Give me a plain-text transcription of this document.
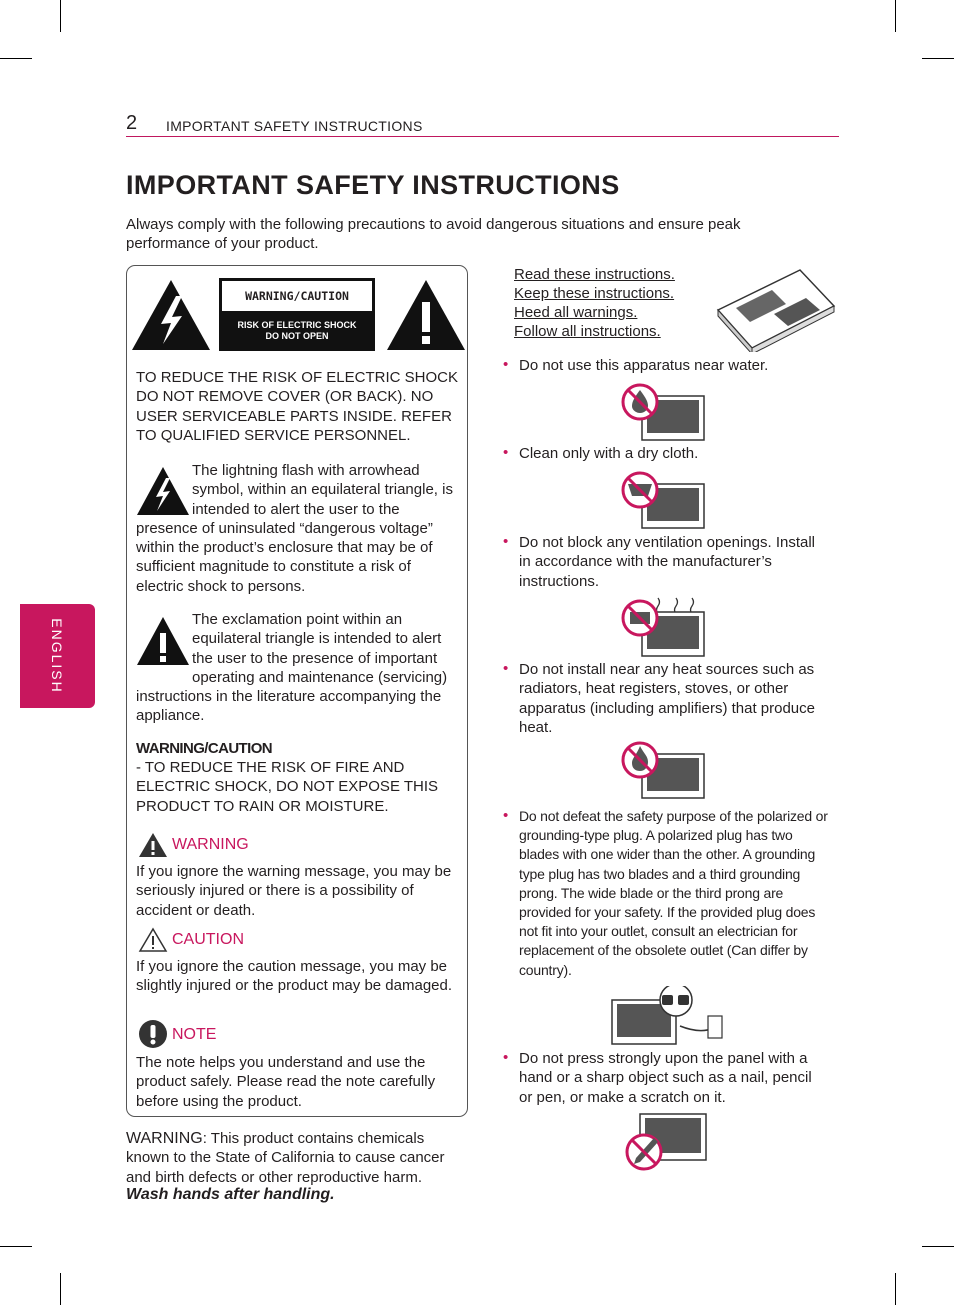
2 IMPORTANT SAFETY INSTRUCTIONS
IMPORTANT SAFETY INSTRUCTIONS
Always comply with the following precautions to avoid dangerous situations and ensure peak performance of your product.
ENGLISH
WARNING/CAUTION
RISK OF ELECTRIC SHOCK
DO NOT OPEN
TO REDUCE THE RISK OF ELECTRIC SHOCK DO NOT REMOVE COVER (OR BACK). NO USER SERVICEABLE PARTS INSIDE. REFER TO QUALIFIED SERVICE PERSONNEL.
The lightning flash with arrowhead symbol, within an equilateral triangle, is intended to alert the user to the presence of uninsulated “dangerous voltage” within the product’s enclosure that may be of sufficient magnitude to constitute a risk of electric shock to persons.
The exclamation point within an equilateral triangle is intended to alert the user to the presence of important operating and maintenance (servicing) instructions in the literature accompanying the appliance.
WARNING/CAUTION
- TO REDUCE THE RISK OF FIRE AND ELECTRIC SHOCK, DO NOT EXPOSE THIS PRODUCT TO RAIN OR MOISTURE.
WARNING
If you ignore the warning message, you may be seriously injured or there is a possibility of accident or death.
CAUTION
If you ignore the caution message, you may be slightly injured or the product may be damaged.
NOTE
The note helps you understand and use the product safely. Please read the note carefully before using the product.
WARNING: This product contains chemicals known to the State of California to cause cancer and birth defects or other reproductive harm.
Wash hands after handling.
Read these instructions.
Keep these instructions.
Heed all warnings.
Follow all instructions.
• Do not use this apparatus near water.
• Clean only with a dry cloth.
• Do not block any ventilation openings. Install in accordance with the manufacturer’s instructions.
• Do not install near any heat sources such as radiators, heat registers, stoves, or other apparatus (including amplifiers) that produce heat.
• Do not defeat the safety purpose of the polarized or grounding-type plug. A polarized plug has two blades with one wider than the other. A grounding type plug has two blades and a third grounding prong. The wide blade or the third prong are provided for your safety. If the provided plug does not fit into your outlet, consult an electrician for replacement of the obsolete outlet (Can differ by country).
• Do not press strongly upon the panel with a hand or a sharp object such as a nail, pencil or pen, or make a scratch on it.
